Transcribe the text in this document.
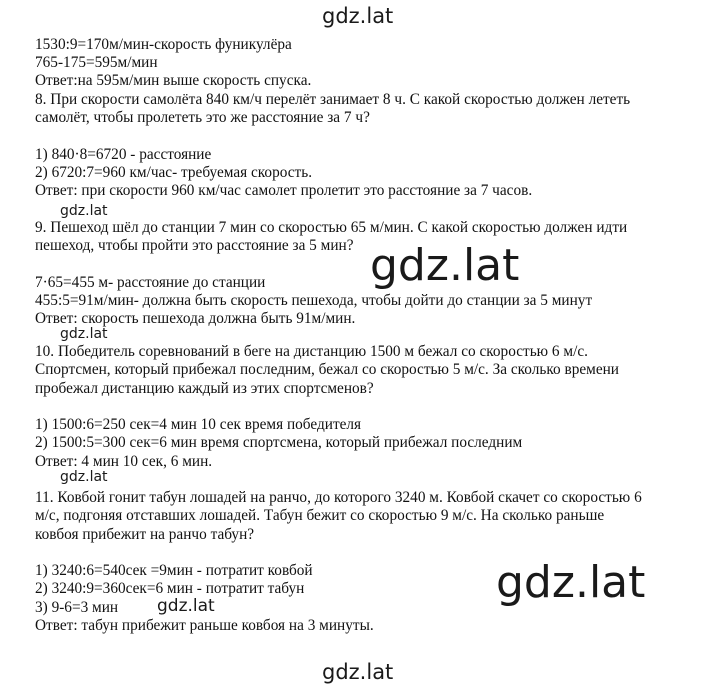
gdz.lat
1530:9=170м/мин-скорость фуникулёра
765-175=595м/мин
Ответ:на 595м/мин выше скорость спуска.
8. При скорости самолёта 840 км/ч перелёт занимает 8 ч. С какой скоростью должен лететь
самолёт, чтобы пролететь это же расстояние за 7 ч?
1) 840·8=6720 - расстояние
2) 6720:7=960 км/час- требуемая скорость.
Ответ: при скорости 960 км/час самолет пролетит это расстояние за 7 часов.
gdz.lat
9. Пешеход шёл до станции 7 мин со скоростью 65 м/мин. С какой скоростью должен идти
пешеход, чтобы пройти это расстояние за 5 мин?
7·65=455 м- расстояние до станции
455:5=91м/мин- должна быть скорость пешехода, чтобы дойти до станции за 5 минут
Ответ: скорость пешехода должна быть 91м/мин.
gdz.lat
10. Победитель соревнований в беге на дистанцию 1500 м бежал со скоростью 6 м/с.
Спортсмен, который прибежал последним, бежал со скоростью 5 м/с. За сколько времени
пробежал дистанцию каждый из этих спортсменов?
1) 1500:6=250 сек=4 мин 10 сек время победителя
2) 1500:5=300 сек=6 мин время спортсмена, который прибежал последним
Ответ: 4 мин 10 сек, 6 мин.
gdz.lat
11. Ковбой гонит табун лошадей на ранчо, до которого 3240 м. Ковбой скачет со скоростью 6
м/с, подгоняя отставших лошадей. Табун бежит со скоростью 9 м/с. На сколько раньше
ковбоя прибежит на ранчо табун?
1) 3240:6=540сек =9мин - потратит ковбой
2) 3240:9=360сек=6 мин - потратит табун
3) 9-6=3 мин
Ответ: табун прибежит раньше ковбоя на 3 минуты.
gdz.lat
gdz.lat
gdz.lat
gdz.lat
